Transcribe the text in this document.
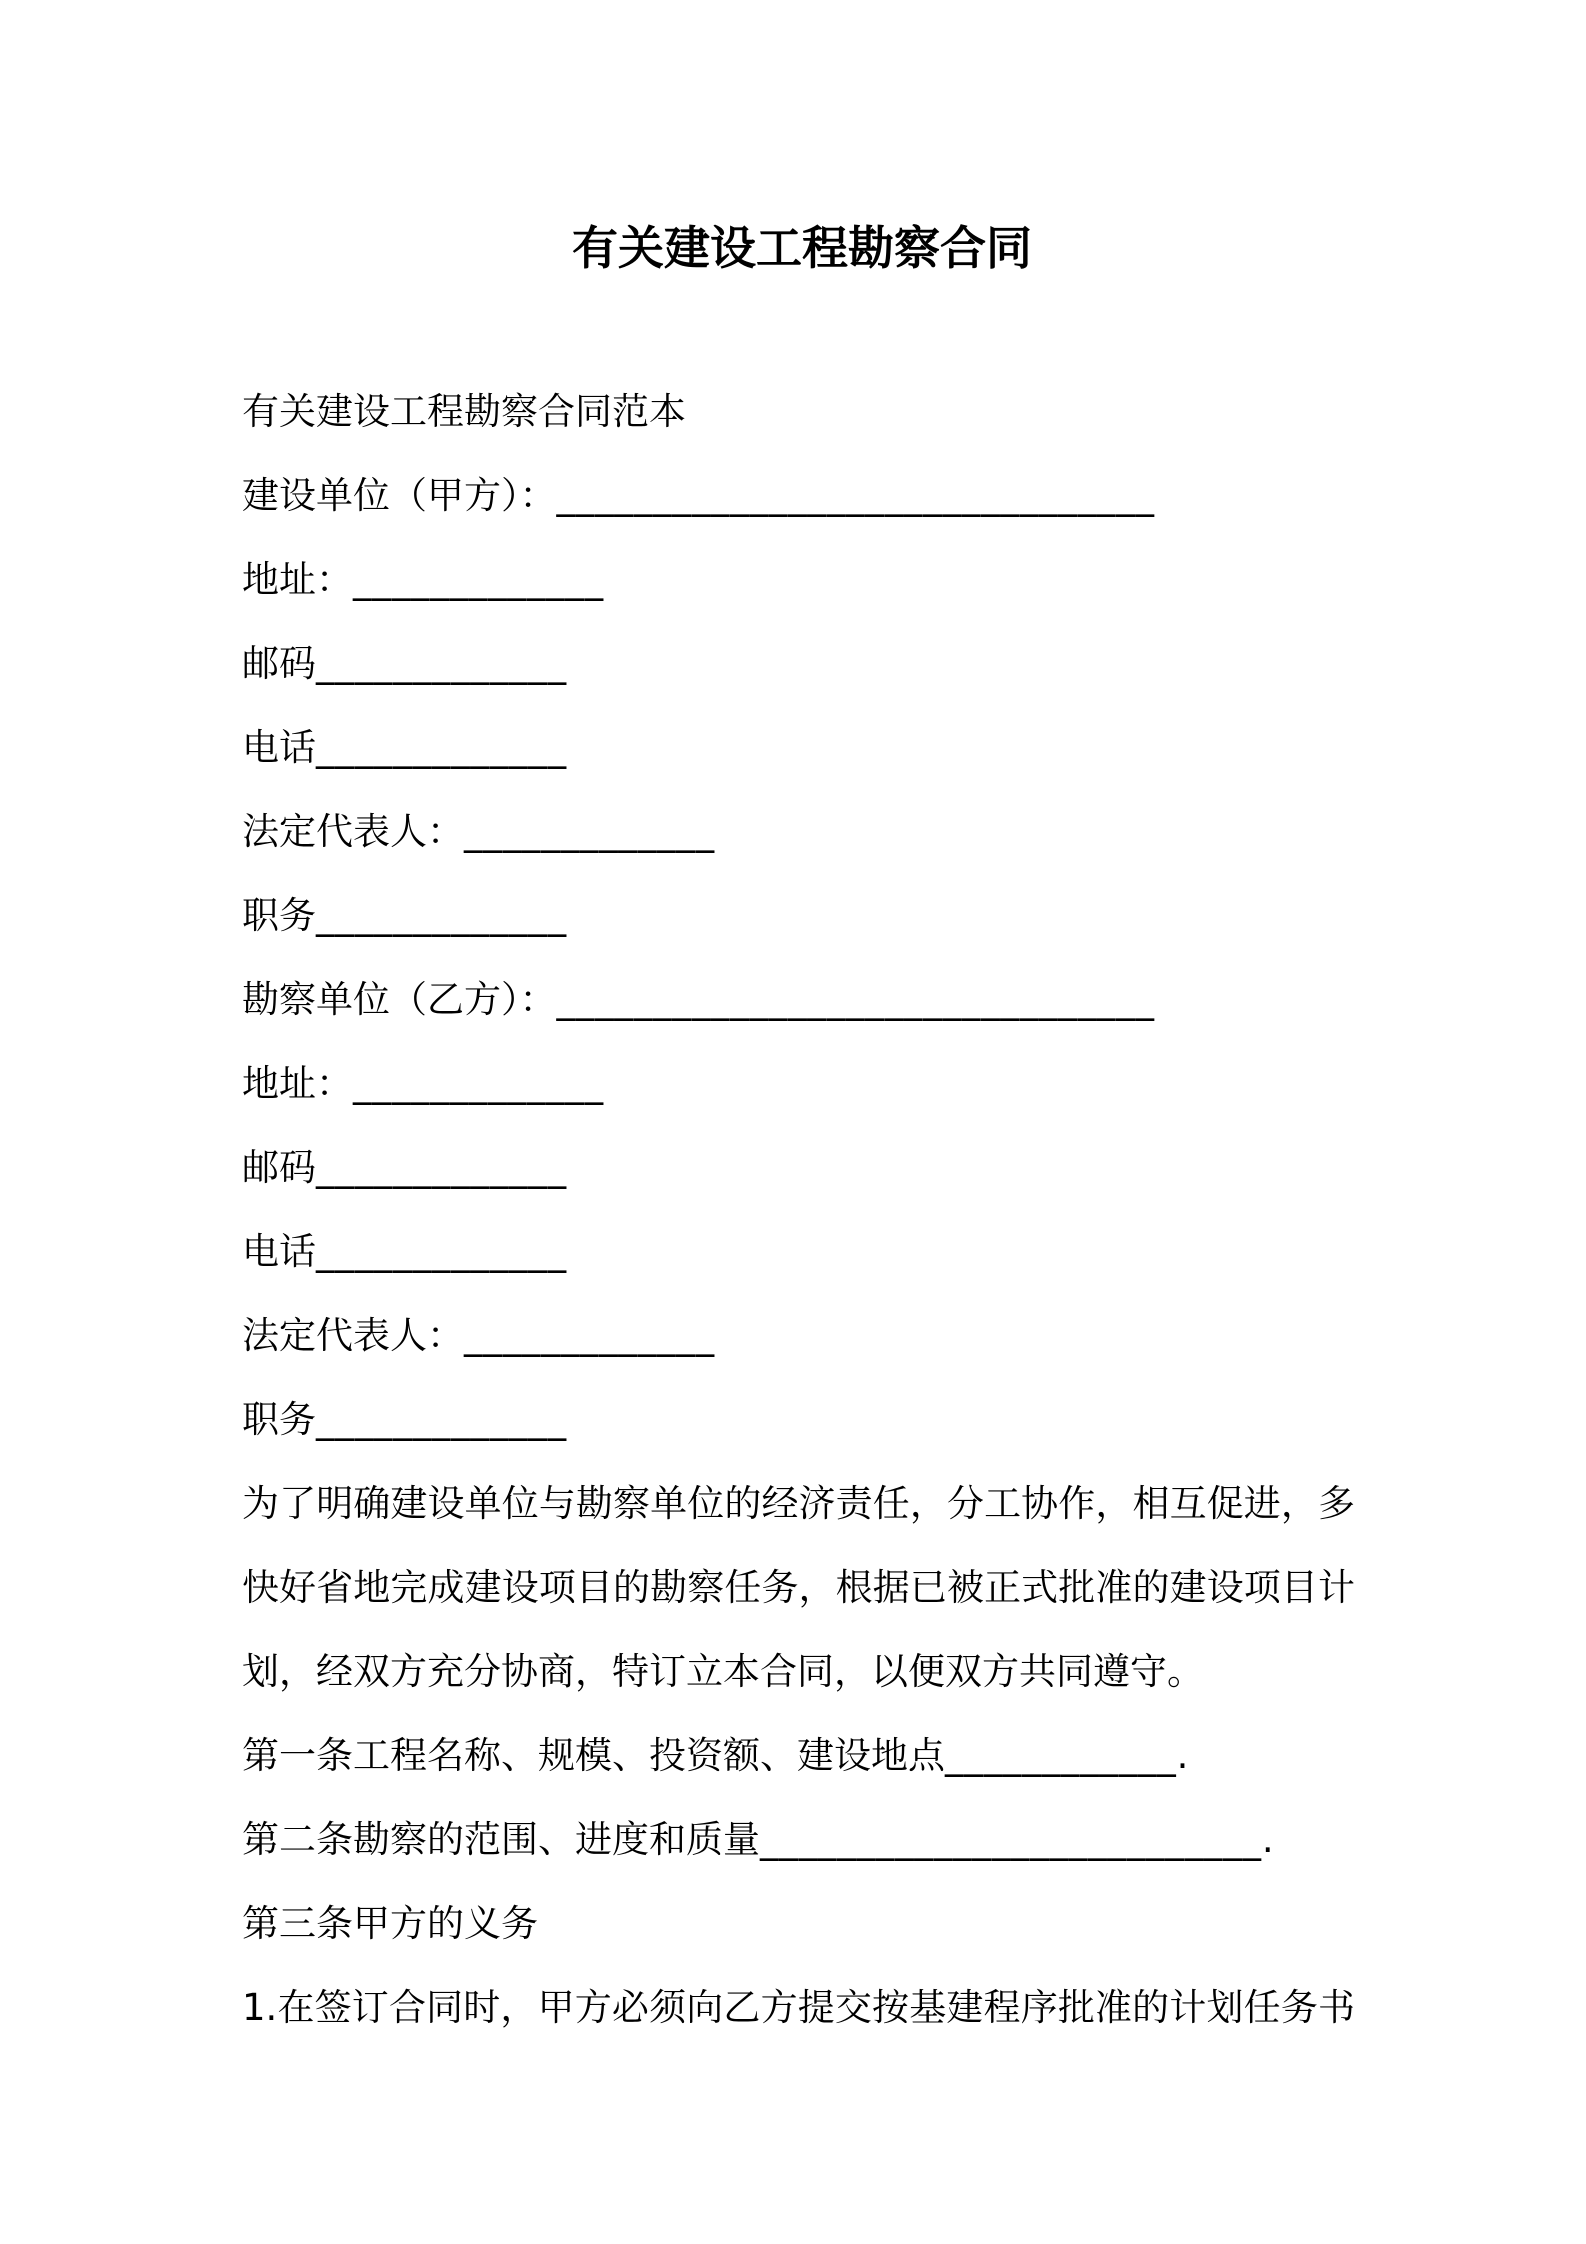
有关建设工程勘察合同
有关建设工程勘察合同范本
建设单位（甲方）：_______________________________
地址：_____________
邮码_____________
电话_____________
法定代表人：_____________
职务_____________
勘察单位（乙方）：_______________________________
地址：_____________
邮码_____________
电话_____________
法定代表人：_____________
职务_____________
为了明确建设单位与勘察单位的经济责任，分工协作，相互促进，多
快好省地完成建设项目的勘察任务，根据已被正式批准的建设项目计
划，经双方充分协商，特订立本合同，以便双方共同遵守。
第一条工程名称、规模、投资额、建设地点____________.
第二条勘察的范围、进度和质量__________________________.
第三条甲方的义务
1.在签订合同时，甲方必须向乙方提交按基建程序批准的计划任务书
